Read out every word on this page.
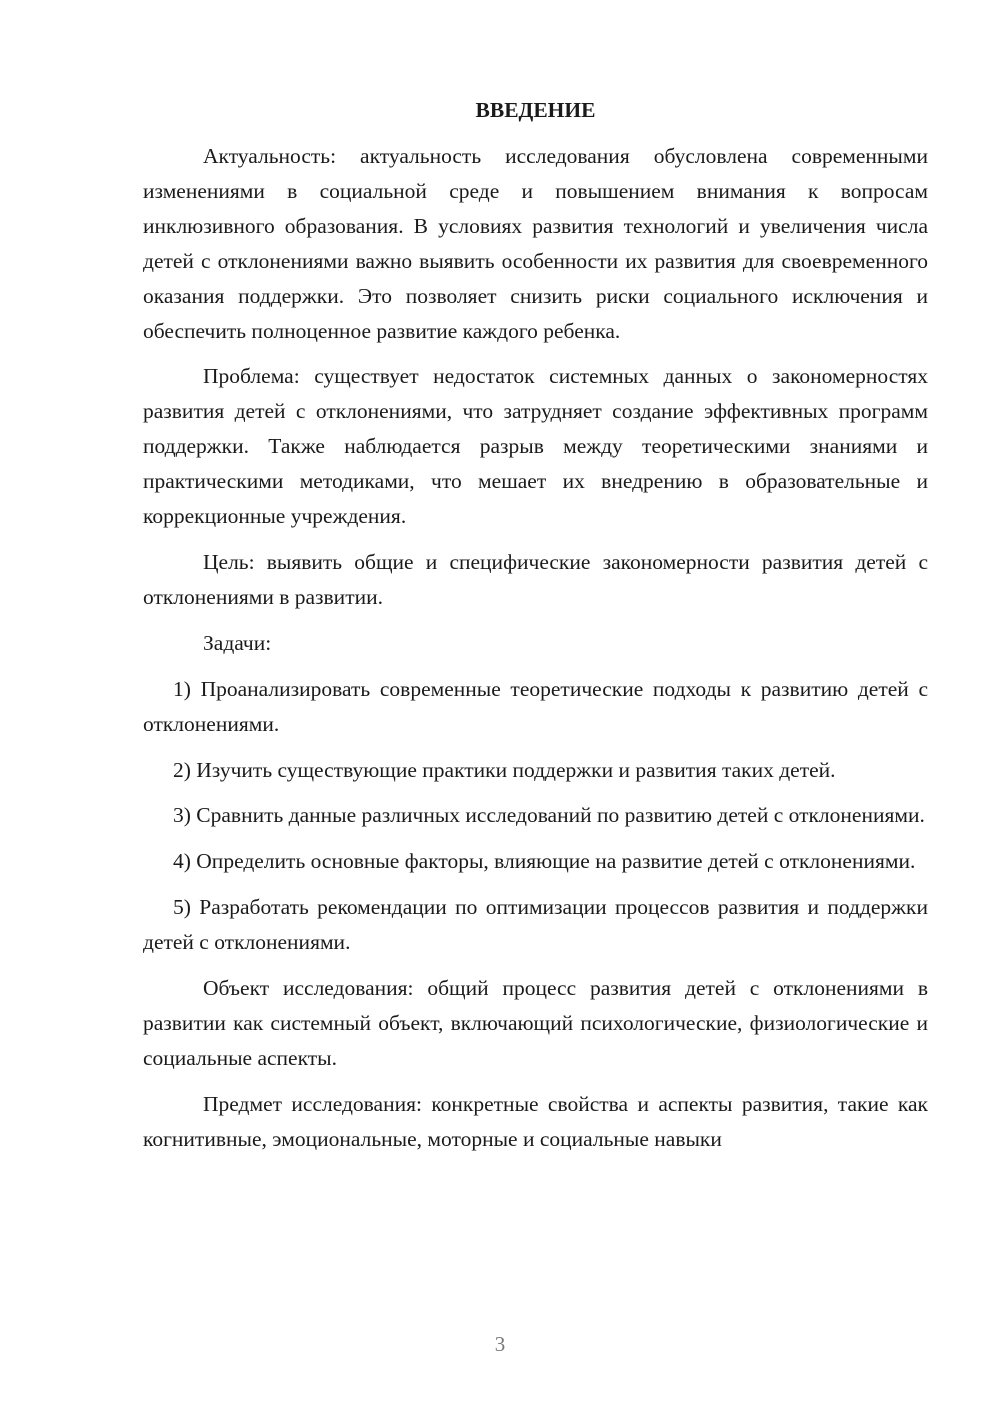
ВВЕДЕНИЕ

Актуальность: актуальность исследования обусловлена современными изменениями в социальной среде и повышением внимания к вопросам инклюзивного образования. В условиях развития технологий и увеличения числа детей с отклонениями важно выявить особенности их развития для своевременного оказания поддержки. Это позволяет снизить риски социального исключения и обеспечить полноценное развитие каждого ребенка.

Проблема: существует недостаток системных данных о закономерностях развития детей с отклонениями, что затрудняет создание эффективных программ поддержки. Также наблюдается разрыв между теоретическими знаниями и практическими методиками, что мешает их внедрению в образовательные и коррекционные учреждения.

Цель: выявить общие и специфические закономерности развития детей с отклонениями в развитии.

Задачи:

1) Проанализировать современные теоретические подходы к развитию детей с отклонениями.

2) Изучить существующие практики поддержки и развития таких детей.

3) Сравнить данные различных исследований по развитию детей с отклонениями.

4) Определить основные факторы, влияющие на развитие детей с отклонениями.

5) Разработать рекомендации по оптимизации процессов развития и поддержки детей с отклонениями.

Объект исследования: общий процесс развития детей с отклонениями в развитии как системный объект, включающий психологические, физиологические и социальные аспекты.

Предмет исследования: конкретные свойства и аспекты развития, такие как когнитивные, эмоциональные, моторные и социальные навыки

3
